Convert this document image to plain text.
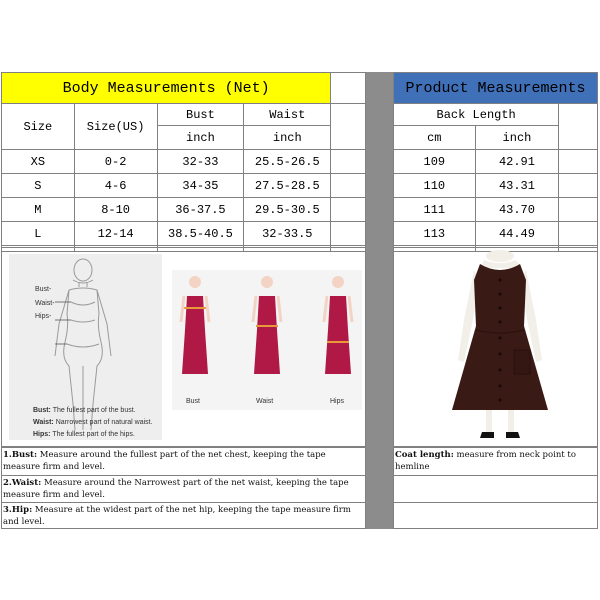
Body Measurements (Net)				
Size	Size(US)	Bust	Waist	
		inch	inch	
XS	0-2	32-33	25.5-26.5	
S	4-6	34-35	27.5-28.5	
M	8-10	36-37.5	29.5-30.5	
L	12-14	38.5-40.5	32-33.5	

Product Measurements		
Back Length		
cm	inch	
109	42.91	
110	43.31	
111	43.70	
113	44.49	

Bust-
Waist-
Hips-
Bust: The fullest part of the bust.
Waist: Narrowest part of natural waist.
Hips: The fullest part of the hips.
Bust	Waist	Hips
1.Bust: Measure around the fullest part of the net chest, keeping the tape measure firm and level.
2.Waist: Measure around the Narrowest part of the net waist, keeping the tape measure firm and level.
3.Hip: Measure at the widest part of the net hip, keeping the tape measure firm and level.
Coat length: measure from neck point to hemline
